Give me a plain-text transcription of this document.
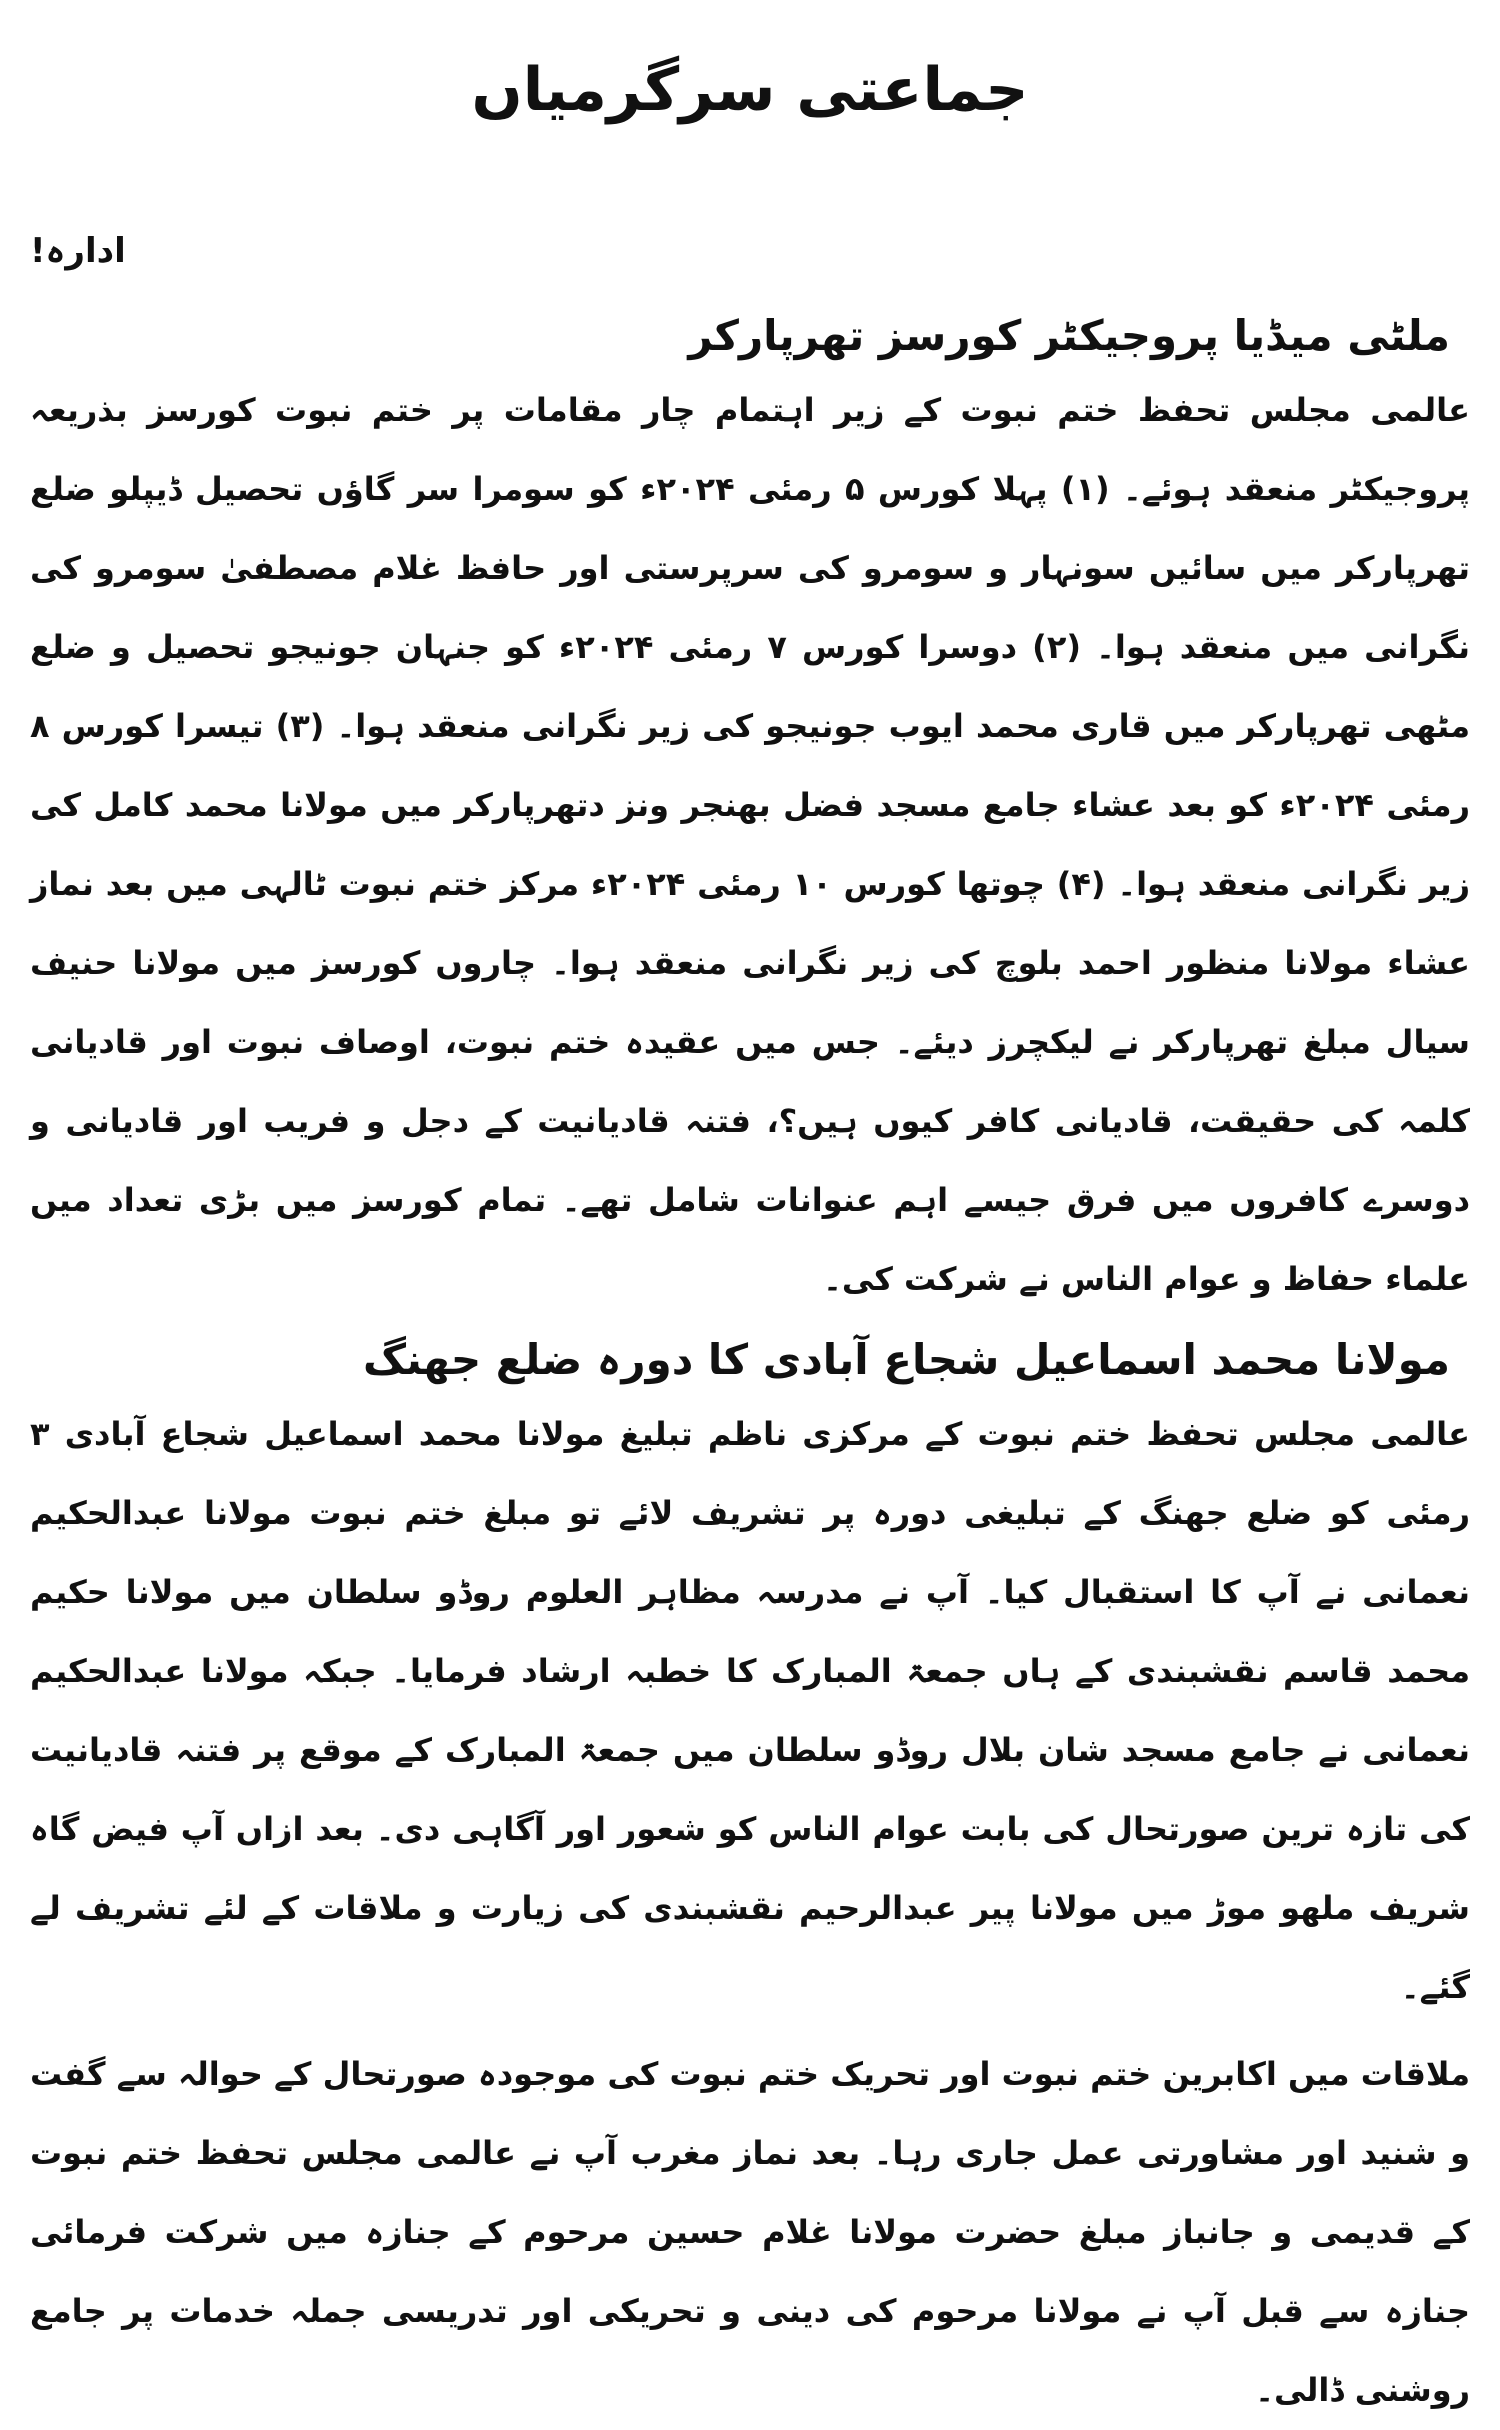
جماعتی سرگرمیاں
ادارہ!
ملٹی میڈیا پروجیکٹر کورسز تھرپارکر

عالمی مجلس تحفظ ختم نبوت کے زیر اہتمام چار مقامات پر ختم نبوت کورسز بذریعہ پروجیکٹر منعقد ہوئے۔ (۱) پہلا کورس ۵ رمئی ۲۰۲۴ء کو سومرا سر گاؤں تحصیل ڈیپلو ضلع تھرپارکر میں سائیں سونہار و سومرو کی سرپرستی اور حافظ غلام مصطفیٰ سومرو کی نگرانی میں منعقد ہوا۔ (۲) دوسرا کورس ۷ رمئی ۲۰۲۴ء کو جنہان جونیجو تحصیل و ضلع مٹھی تھرپارکر میں قاری محمد ایوب جونیجو کی زیر نگرانی منعقد ہوا۔ (۳) تیسرا کورس ۸ رمئی ۲۰۲۴ء کو بعد عشاء جامع مسجد فضل بھنجر ونز دتھرپارکر میں مولانا محمد کامل کی زیر نگرانی منعقد ہوا۔ (۴) چوتھا کورس ۱۰ رمئی ۲۰۲۴ء مرکز ختم نبوت ٹالہی میں بعد نماز عشاء مولانا منظور احمد بلوچ کی زیر نگرانی منعقد ہوا۔ چاروں کورسز میں مولانا حنیف سیال مبلغ تھرپارکر نے لیکچرز دیئے۔ جس میں عقیدہ ختم نبوت، اوصاف نبوت اور قادیانی کلمہ کی حقیقت، قادیانی کافر کیوں ہیں؟، فتنہ قادیانیت کے دجل و فریب اور قادیانی و دوسرے کافروں میں فرق جیسے اہم عنوانات شامل تھے۔ تمام کورسز میں بڑی تعداد میں علماء حفاظ و عوام الناس نے شرکت کی۔

مولانا محمد اسماعیل شجاع آبادی کا دورہ ضلع جھنگ

عالمی مجلس تحفظ ختم نبوت کے مرکزی ناظم تبلیغ مولانا محمد اسماعیل شجاع آبادی ۳ رمئی کو ضلع جھنگ کے تبلیغی دورہ پر تشریف لائے تو مبلغ ختم نبوت مولانا عبدالحکیم نعمانی نے آپ کا استقبال کیا۔ آپ نے مدرسہ مظاہر العلوم روڈو سلطان میں مولانا حکیم محمد قاسم نقشبندی کے ہاں جمعۃ المبارک کا خطبہ ارشاد فرمایا۔ جبکہ مولانا عبدالحکیم نعمانی نے جامع مسجد شان بلال روڈو سلطان میں جمعۃ المبارک کے موقع پر فتنہ قادیانیت کی تازہ ترین صورتحال کی بابت عوام الناس کو شعور اور آگاہی دی۔ بعد ازاں آپ فیض گاہ شریف ملھو موڑ میں مولانا پیر عبدالرحیم نقشبندی کی زیارت و ملاقات کے لئے تشریف لے گئے۔

ملاقات میں اکابرین ختم نبوت اور تحریک ختم نبوت کی موجودہ صورتحال کے حوالہ سے گفت و شنید اور مشاورتی عمل جاری رہا۔ بعد نماز مغرب آپ نے عالمی مجلس تحفظ ختم نبوت کے قدیمی و جانباز مبلغ حضرت مولانا غلام حسین مرحوم کے جنازہ میں شرکت فرمائی جنازہ سے قبل آپ نے مولانا مرحوم کی دینی و تحریکی اور تدریسی جملہ خدمات پر جامع روشنی ڈالی۔
